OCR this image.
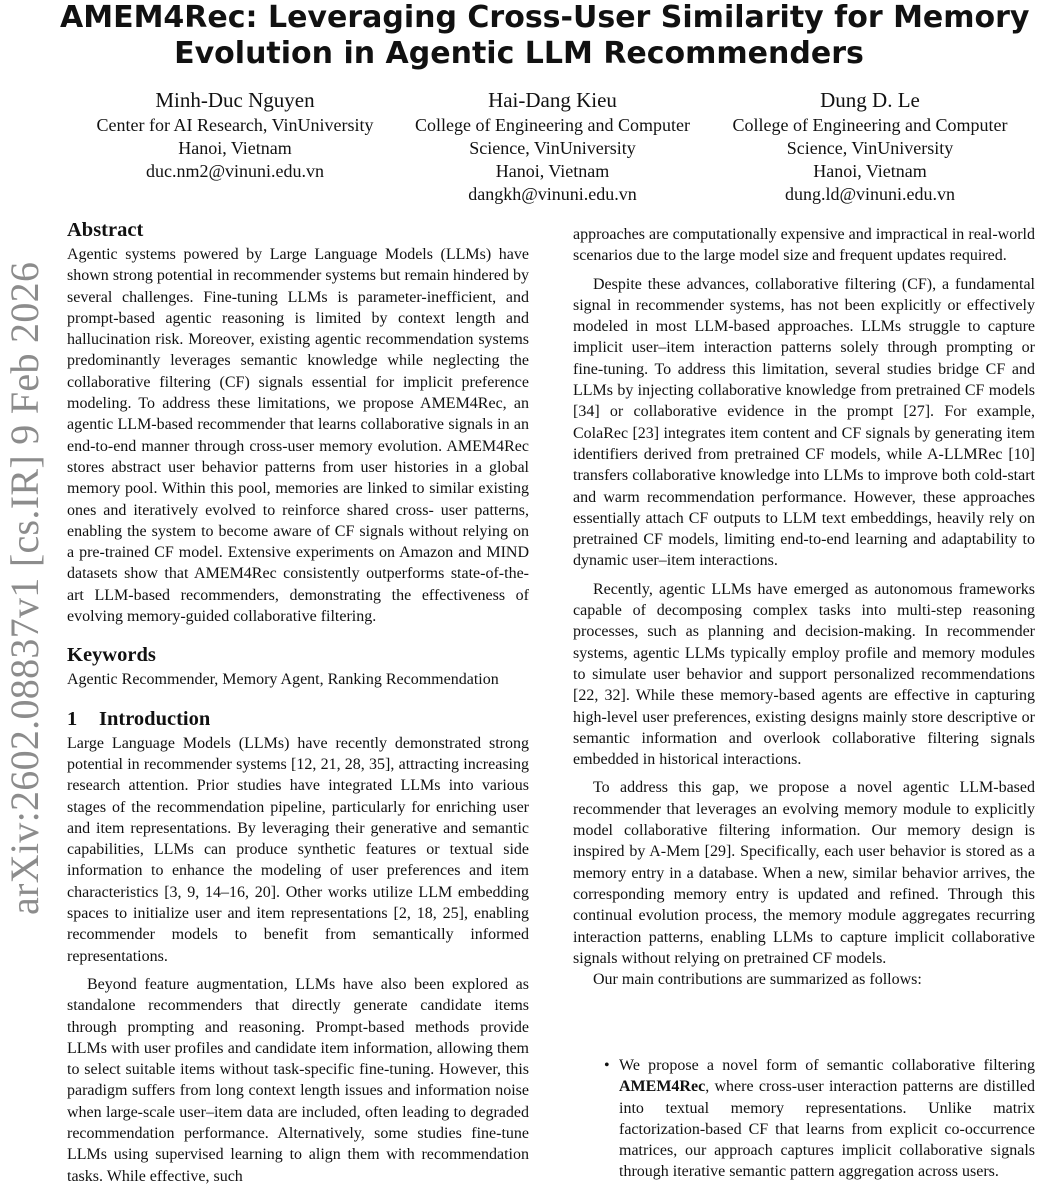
AMEM4Rec: Leveraging Cross-User Similarity for Memory
Evolution in Agentic LLM Recommenders
Minh-Duc Nguyen
Center for AI Research, VinUniversity
Hanoi, Vietnam
duc.nm2@vinuni.edu.vn
Hai-Dang Kieu
College of Engineering and Computer Science, VinUniversity
Hanoi, Vietnam
dangkh@vinuni.edu.vn
Dung D. Le
College of Engineering and Computer Science, VinUniversity
Hanoi, Vietnam
dung.ld@vinuni.edu.vn
arXiv:2602.08837v1 [cs.IR] 9 Feb 2026
Abstract

Agentic systems powered by Large Language Models (LLMs) have shown strong potential in recommender systems but remain hindered by several challenges. Fine-tuning LLMs is parameter-inefficient, and prompt-based agentic reasoning is limited by context length and hallucination risk. Moreover, existing agentic recommendation systems predominantly leverages semantic knowledge while neglecting the collaborative filtering (CF) signals essential for implicit preference modeling. To address these limitations, we propose AMEM4Rec, an agentic LLM-based recommender that learns collaborative signals in an end-to-end manner through cross-user memory evolution. AMEM4Rec stores abstract user behavior patterns from user histories in a global memory pool. Within this pool, memories are linked to similar existing ones and iteratively evolved to reinforce shared cross- user patterns, enabling the system to become aware of CF signals without relying on a pre-trained CF model. Extensive experiments on Amazon and MIND datasets show that AMEM4Rec consistently outperforms state-of-the-art LLM-based recommenders, demonstrating the effectiveness of evolving memory-guided collaborative filtering.

Keywords

Agentic Recommender, Memory Agent, Ranking Recommendation

1 Introduction

Large Language Models (LLMs) have recently demonstrated strong potential in recommender systems [12, 21, 28, 35], attracting increasing research attention. Prior studies have integrated LLMs into various stages of the recommendation pipeline, particularly for enriching user and item representations. By leveraging their generative and semantic capabilities, LLMs can produce synthetic features or textual side information to enhance the modeling of user preferences and item characteristics [3, 9, 14–16, 20]. Other works utilize LLM embedding spaces to initialize user and item representations [2, 18, 25], enabling recommender models to benefit from semantically informed representations.

Beyond feature augmentation, LLMs have also been explored as standalone recommenders that directly generate candidate items through prompting and reasoning. Prompt-based methods provide LLMs with user profiles and candidate item information, allowing them to select suitable items without task-specific fine-tuning. However, this paradigm suffers from long context length issues and information noise when large-scale user–item data are included, often leading to degraded recommendation performance. Alternatively, some studies fine-tune LLMs using supervised learning to align them with recommendation tasks. While effective, such

approaches are computationally expensive and impractical in real-world scenarios due to the large model size and frequent updates required.

Despite these advances, collaborative filtering (CF), a fundamental signal in recommender systems, has not been explicitly or effectively modeled in most LLM-based approaches. LLMs struggle to capture implicit user–item interaction patterns solely through prompting or fine-tuning. To address this limitation, several studies bridge CF and LLMs by injecting collaborative knowledge from pretrained CF models [34] or collaborative evidence in the prompt [27]. For example, ColaRec [23] integrates item content and CF signals by generating item identifiers derived from pretrained CF models, while A-LLMRec [10] transfers collaborative knowledge into LLMs to improve both cold-start and warm recommendation performance. However, these approaches essentially attach CF outputs to LLM text embeddings, heavily rely on pretrained CF models, limiting end-to-end learning and adaptability to dynamic user–item interactions.

Recently, agentic LLMs have emerged as autonomous frameworks capable of decomposing complex tasks into multi-step reasoning processes, such as planning and decision-making. In recommender systems, agentic LLMs typically employ profile and memory modules to simulate user behavior and support personalized recommendations [22, 32]. While these memory-based agents are effective in capturing high-level user preferences, existing designs mainly store descriptive or semantic information and overlook collaborative filtering signals embedded in historical interactions.

To address this gap, we propose a novel agentic LLM-based recommender that leverages an evolving memory module to explicitly model collaborative filtering information. Our memory design is inspired by A-Mem [29]. Specifically, each user behavior is stored as a memory entry in a database. When a new, similar behavior arrives, the corresponding memory entry is updated and refined. Through this continual evolution process, the memory module aggregates recurring interaction patterns, enabling LLMs to capture implicit collaborative signals without relying on pretrained CF models.

Our main contributions are summarized as follows:

• We propose a novel form of semantic collaborative filtering AMEM4Rec, where cross-user interaction patterns are distilled into textual memory representations. Unlike matrix factorization-based CF that learns from explicit co-occurrence matrices, our approach captures implicit collaborative signals through iterative semantic pattern aggregation across users.
